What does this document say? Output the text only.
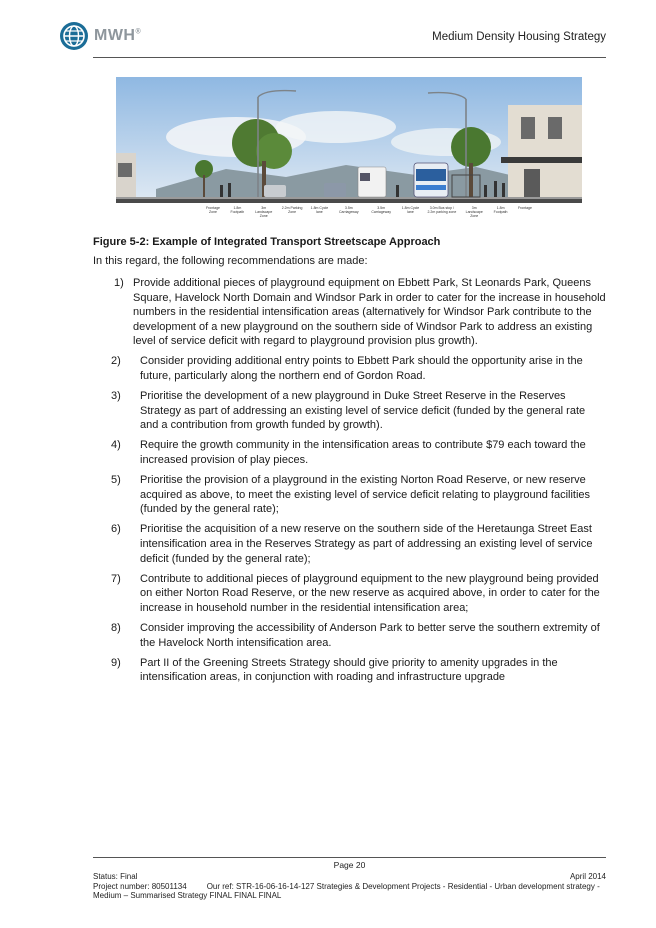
MWH®	Medium Density Housing Strategy
Frontage Zone
1.8m Footpath
3m Landscape Zone
2.2m Parking Zone
1.8m Cycle lane
3.5m Carriageway
3.5m Carriageway
1.8m Cycle lane
3.0m Bus stop / 2.2m parking zone
3m Landscape Zone
1.8m Footpath
Frontage
Figure 5-2: Example of Integrated Transport Streetscape Approach
In this regard, the following recommendations are made:
1) Provide additional pieces of playground equipment on Ebbett Park, St Leonards Park, Queens Square, Havelock North Domain and Windsor Park in order to cater for the increase in household numbers in the residential intensification areas (alternatively for Windsor Park contribute to the development of a new playground on the southern side of Windsor Park to address an existing level of service deficit with regard to playground provision plus growth).
2) Consider providing additional entry points to Ebbett Park should the opportunity arise in the future, particularly along the northern end of Gordon Road.
3) Prioritise the development of a new playground in Duke Street Reserve in the Reserves Strategy as part of addressing an existing level of service deficit (funded by the general rate and a contribution from growth funded by growth).
4) Require the growth community in the intensification areas to contribute $79 each toward the increased provision of play pieces.
5) Prioritise the provision of a playground in the existing Norton Road Reserve, or new reserve acquired as above, to meet the existing level of service deficit relating to playground facilities (funded by the general rate);
6) Prioritise the acquisition of a new reserve on the southern side of the Heretaunga Street East intensification area in the Reserves Strategy as part of addressing an existing level of service deficit (funded by the general rate);
7) Contribute to additional pieces of playground equipment to the new playground being provided on either Norton Road Reserve, or the new reserve as acquired above, in order to cater for the increase in household number in the residential intensification area;
8) Consider improving the accessibility of Anderson Park to better serve the southern extremity of the Havelock North intensification area.
9) Part II of the Greening Streets Strategy should give priority to amenity upgrades in the intensification areas, in conjunction with roading and infrastructure upgrade
Page 20
Status: Final	April 2014
Project number: 80501134	Our ref: STR-16-06-16-14-127 Strategies & Development Projects - Residential - Urban development strategy - Medium – Summarised Strategy FINAL FINAL FINAL
